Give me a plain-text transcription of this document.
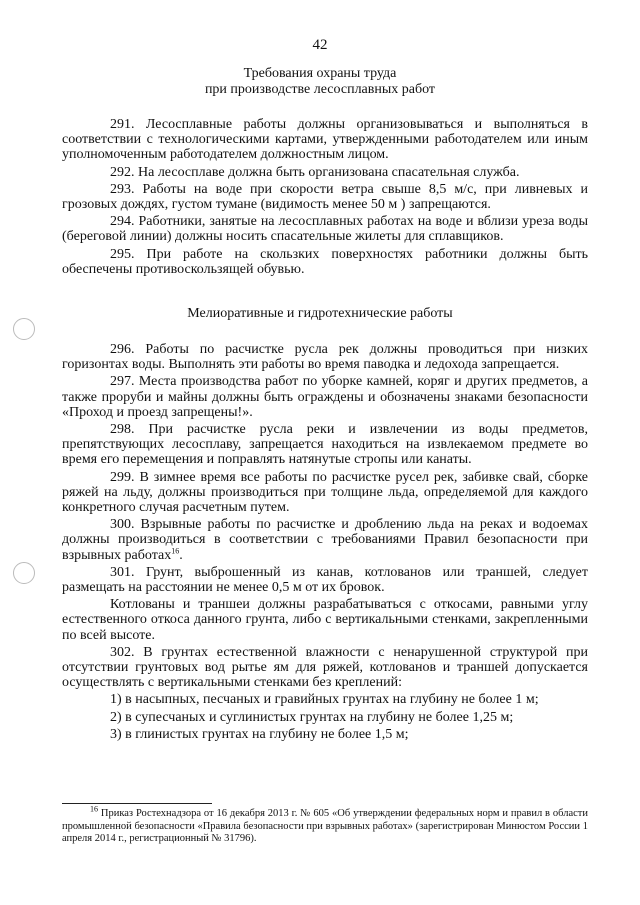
42
Требования охраны труда
при производстве лесосплавных работ

291. Лесосплавные работы должны организовываться и выполняться в соответствии с технологическими картами, утвержденными работодателем или иным уполномоченным работодателем должностным лицом.

292. На лесосплаве должна быть организована спасательная служба.

293. Работы на воде при скорости ветра свыше 8,5 м/с, при ливневых и грозовых дождях, густом тумане (видимость менее 50 м ) запрещаются.

294. Работники, занятые на лесосплавных работах на воде и вблизи уреза воды (береговой линии) должны носить спасательные жилеты для сплавщиков.

295. При работе на скользких поверхностях работники должны быть обеспечены противоскользящей обувью.

Мелиоративные и гидротехнические работы

296. Работы по расчистке русла рек должны проводиться при низких горизонтах воды. Выполнять эти работы во время паводка и ледохода запрещается.

297. Места производства работ по уборке камней, коряг и других предметов, а также проруби и майны должны быть ограждены и обозначены знаками безопасности «Проход и проезд запрещены!».

298. При расчистке русла реки и извлечении из воды предметов, препятствующих лесосплаву, запрещается находиться на извлекаемом предмете во время его перемещения и поправлять натянутые стропы или канаты.

299. В зимнее время все работы по расчистке русел рек, забивке свай, сборке ряжей на льду, должны производиться при толщине льда, определяемой для каждого конкретного случая расчетным путем.

300. Взрывные работы по расчистке и дроблению льда на реках и водоемах должны производиться в соответствии с требованиями Правил безопасности при взрывных работах$^{16}$.

301. Грунт, выброшенный из канав, котлованов или траншей, следует размещать на расстоянии не менее 0,5 м от их бровок.

Котлованы и траншеи должны разрабатываться с откосами, равными углу естественного откоса данного грунта, либо с вертикальными стенками, закрепленными по всей высоте.

302. В грунтах естественной влажности с ненарушенной структурой при отсутствии грунтовых вод рытье ям для ряжей, котлованов и траншей допускается осуществлять с вертикальными стенками без креплений:

1) в насыпных, песчаных и гравийных грунтах на глубину не более 1 м;

2) в супесчаных и суглинистых грунтах на глубину не более 1,25 м;

3) в глинистых грунтах на глубину не более 1,5 м;

$^{16}$ Приказ Ростехнадзора от 16 декабря 2013 г. № 605 «Об утверждении федеральных норм и правил в области промышленной безопасности «Правила безопасности при взрывных работах» (зарегистрирован Минюстом России 1 апреля 2014 г., регистрационный № 31796).
